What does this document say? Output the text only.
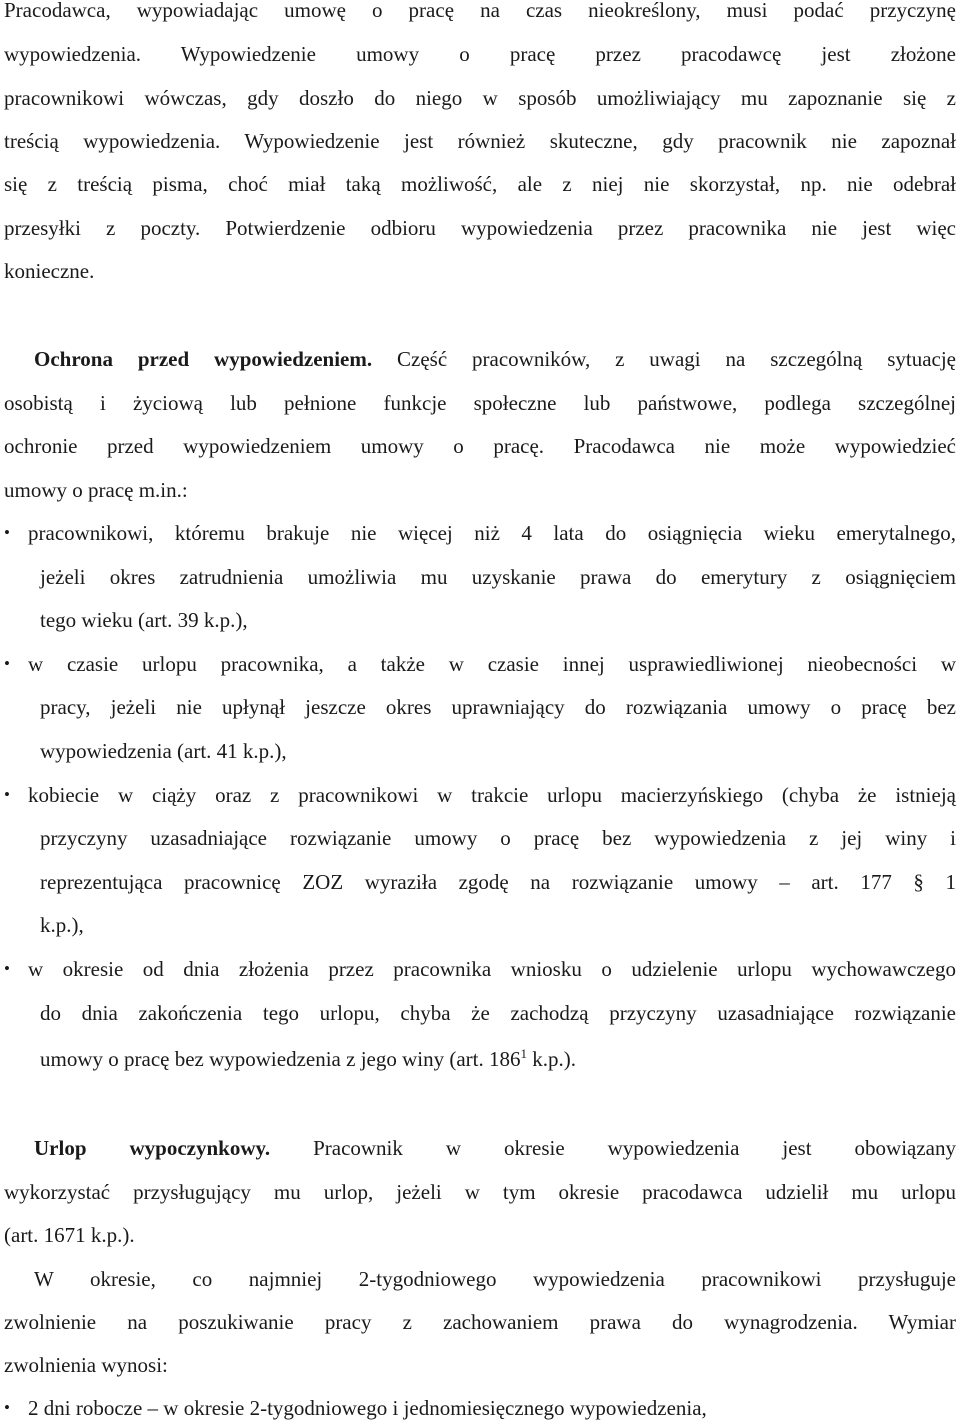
Pracodawca, wypowiadając umowę o pracę na czas nieokreślony, musi podać przyczynę
wypowiedzenia. Wypowiedzenie umowy o pracę przez pracodawcę jest złożone
pracownikowi wówczas, gdy doszło do niego w sposób umożliwiający mu zapoznanie się z
treścią wypowiedzenia. Wypowiedzenie jest również skuteczne, gdy pracownik nie zapoznał
się z treścią pisma, choć miał taką możliwość, ale z niej nie skorzystał, np. nie odebrał
przesyłki z poczty. Potwierdzenie odbioru wypowiedzenia przez pracownika nie jest więc
konieczne.
Ochrona przed wypowiedzeniem. Część pracowników, z uwagi na szczególną sytuację
osobistą i życiową lub pełnione funkcje społeczne lub państwowe, podlega szczególnej
ochronie przed wypowiedzeniem umowy o pracę. Pracodawca nie może wypowiedzieć
umowy o pracę m.in.:
• pracownikowi, któremu brakuje nie więcej niż 4 lata do osiągnięcia wieku emerytalnego,
jeżeli okres zatrudnienia umożliwia mu uzyskanie prawa do emerytury z osiągnięciem
tego wieku (art. 39 k.p.),
• w czasie urlopu pracownika, a także w czasie innej usprawiedliwionej nieobecności w
pracy, jeżeli nie upłynął jeszcze okres uprawniający do rozwiązania umowy o pracę bez
wypowiedzenia (art. 41 k.p.),
• kobiecie w ciąży oraz z pracownikowi w trakcie urlopu macierzyńskiego (chyba że istnieją
przyczyny uzasadniające rozwiązanie umowy o pracę bez wypowiedzenia z jej winy i
reprezentująca pracownicę ZOZ wyraziła zgodę na rozwiązanie umowy – art. 177 § 1
k.p.),
• w okresie od dnia złożenia przez pracownika wniosku o udzielenie urlopu wychowawczego
do dnia zakończenia tego urlopu, chyba że zachodzą przyczyny uzasadniające rozwiązanie
umowy o pracę bez wypowiedzenia z jego winy (art. $186^1$ k.p.).
Urlop wypoczynkowy. Pracownik w okresie wypowiedzenia jest obowiązany
wykorzystać przysługujący mu urlop, jeżeli w tym okresie pracodawca udzielił mu urlopu
(art. 1671 k.p.).
W okresie, co najmniej 2-tygodniowego wypowiedzenia pracownikowi przysługuje
zwolnienie na poszukiwanie pracy z zachowaniem prawa do wynagrodzenia. Wymiar
zwolnienia wynosi:
• 2 dni robocze – w okresie 2-tygodniowego i jednomiesięcznego wypowiedzenia,
